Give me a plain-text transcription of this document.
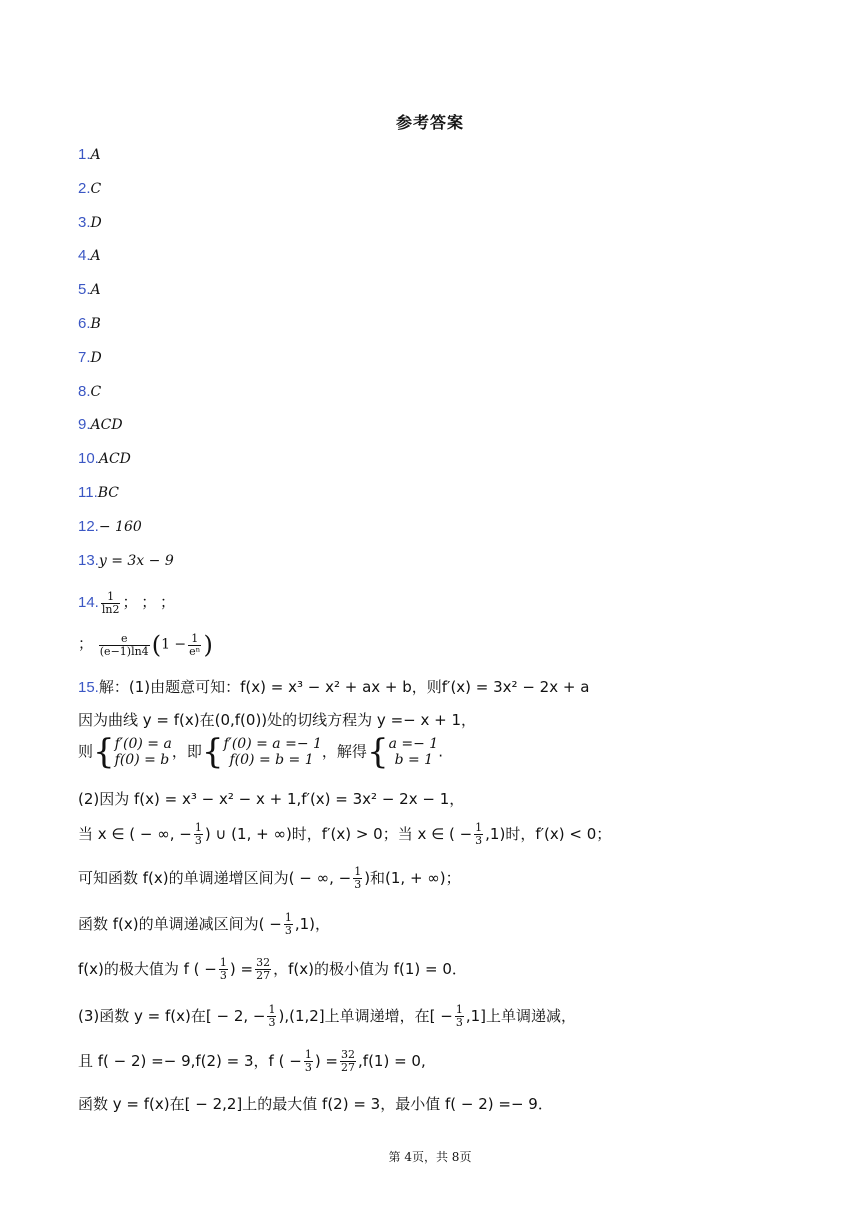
参考答案
1.A
2.C
3.D
4.A
5.A
6.B
7.D
8.C
9.ACD
10.ACD
11.BC
12.− 160
13.y = 3x − 9
14. $\frac{1}{\ln 2}$ ； ； ；
； $\frac{e}{(e-1)\ln 4} (1 - \frac{1}{\text{eⁿ}}$ )
15.解：(1)由题意可知：f(x) = x³ − x² + ax + b，则f′(x) = 3x² − 2x + a
因为曲线 y = f(x)在(0,f(0))处的切线方程为 y =− x + 1，
则{ f′(0) = a
f(0) = b ，即{ f′(0) = a =− 1
f(0) = b = 1 ，解得{ a =− 1
b = 1 .
(2)因为 f(x) = x³ − x² − x + 1,f′(x) = 3x² − 2x − 1，
当 x ∈ ( − ∞, − $\frac{1}{3}$ ) ∪ (1, + ∞)时，f′(x) > 0；当 x ∈ ( − $\frac{1}{3} ,1$)时，f′(x) < 0；
可知函数 f(x)的单调递增区间为( − ∞, − $\frac{1}{3}$ )和(1, + ∞)；
函数 f(x)的单调递减区间为( − $\frac{1}{3} ,1$)，
f(x)的极大值为 f ( − $\frac{1}{3}$ ) = $\frac{32}{27}$ ，f(x)的极小值为 f(1) = 0．
(3)函数 y = f(x)在[ − 2, − $\frac{1}{3} ),(1,2]$上单调递增，在[ − $\frac{1}{3} ,1$]上单调递减，
且 f( − 2) =− 9,f(2) = 3，f ( − $\frac{1}{3}$ ) = $\frac{32}{27} ,f(1) = 0$,
函数 y = f(x)在[ − 2,2]上的最大值 f(2) = 3，最小值 f( − 2) =− 9．
第 4页，共 8页
